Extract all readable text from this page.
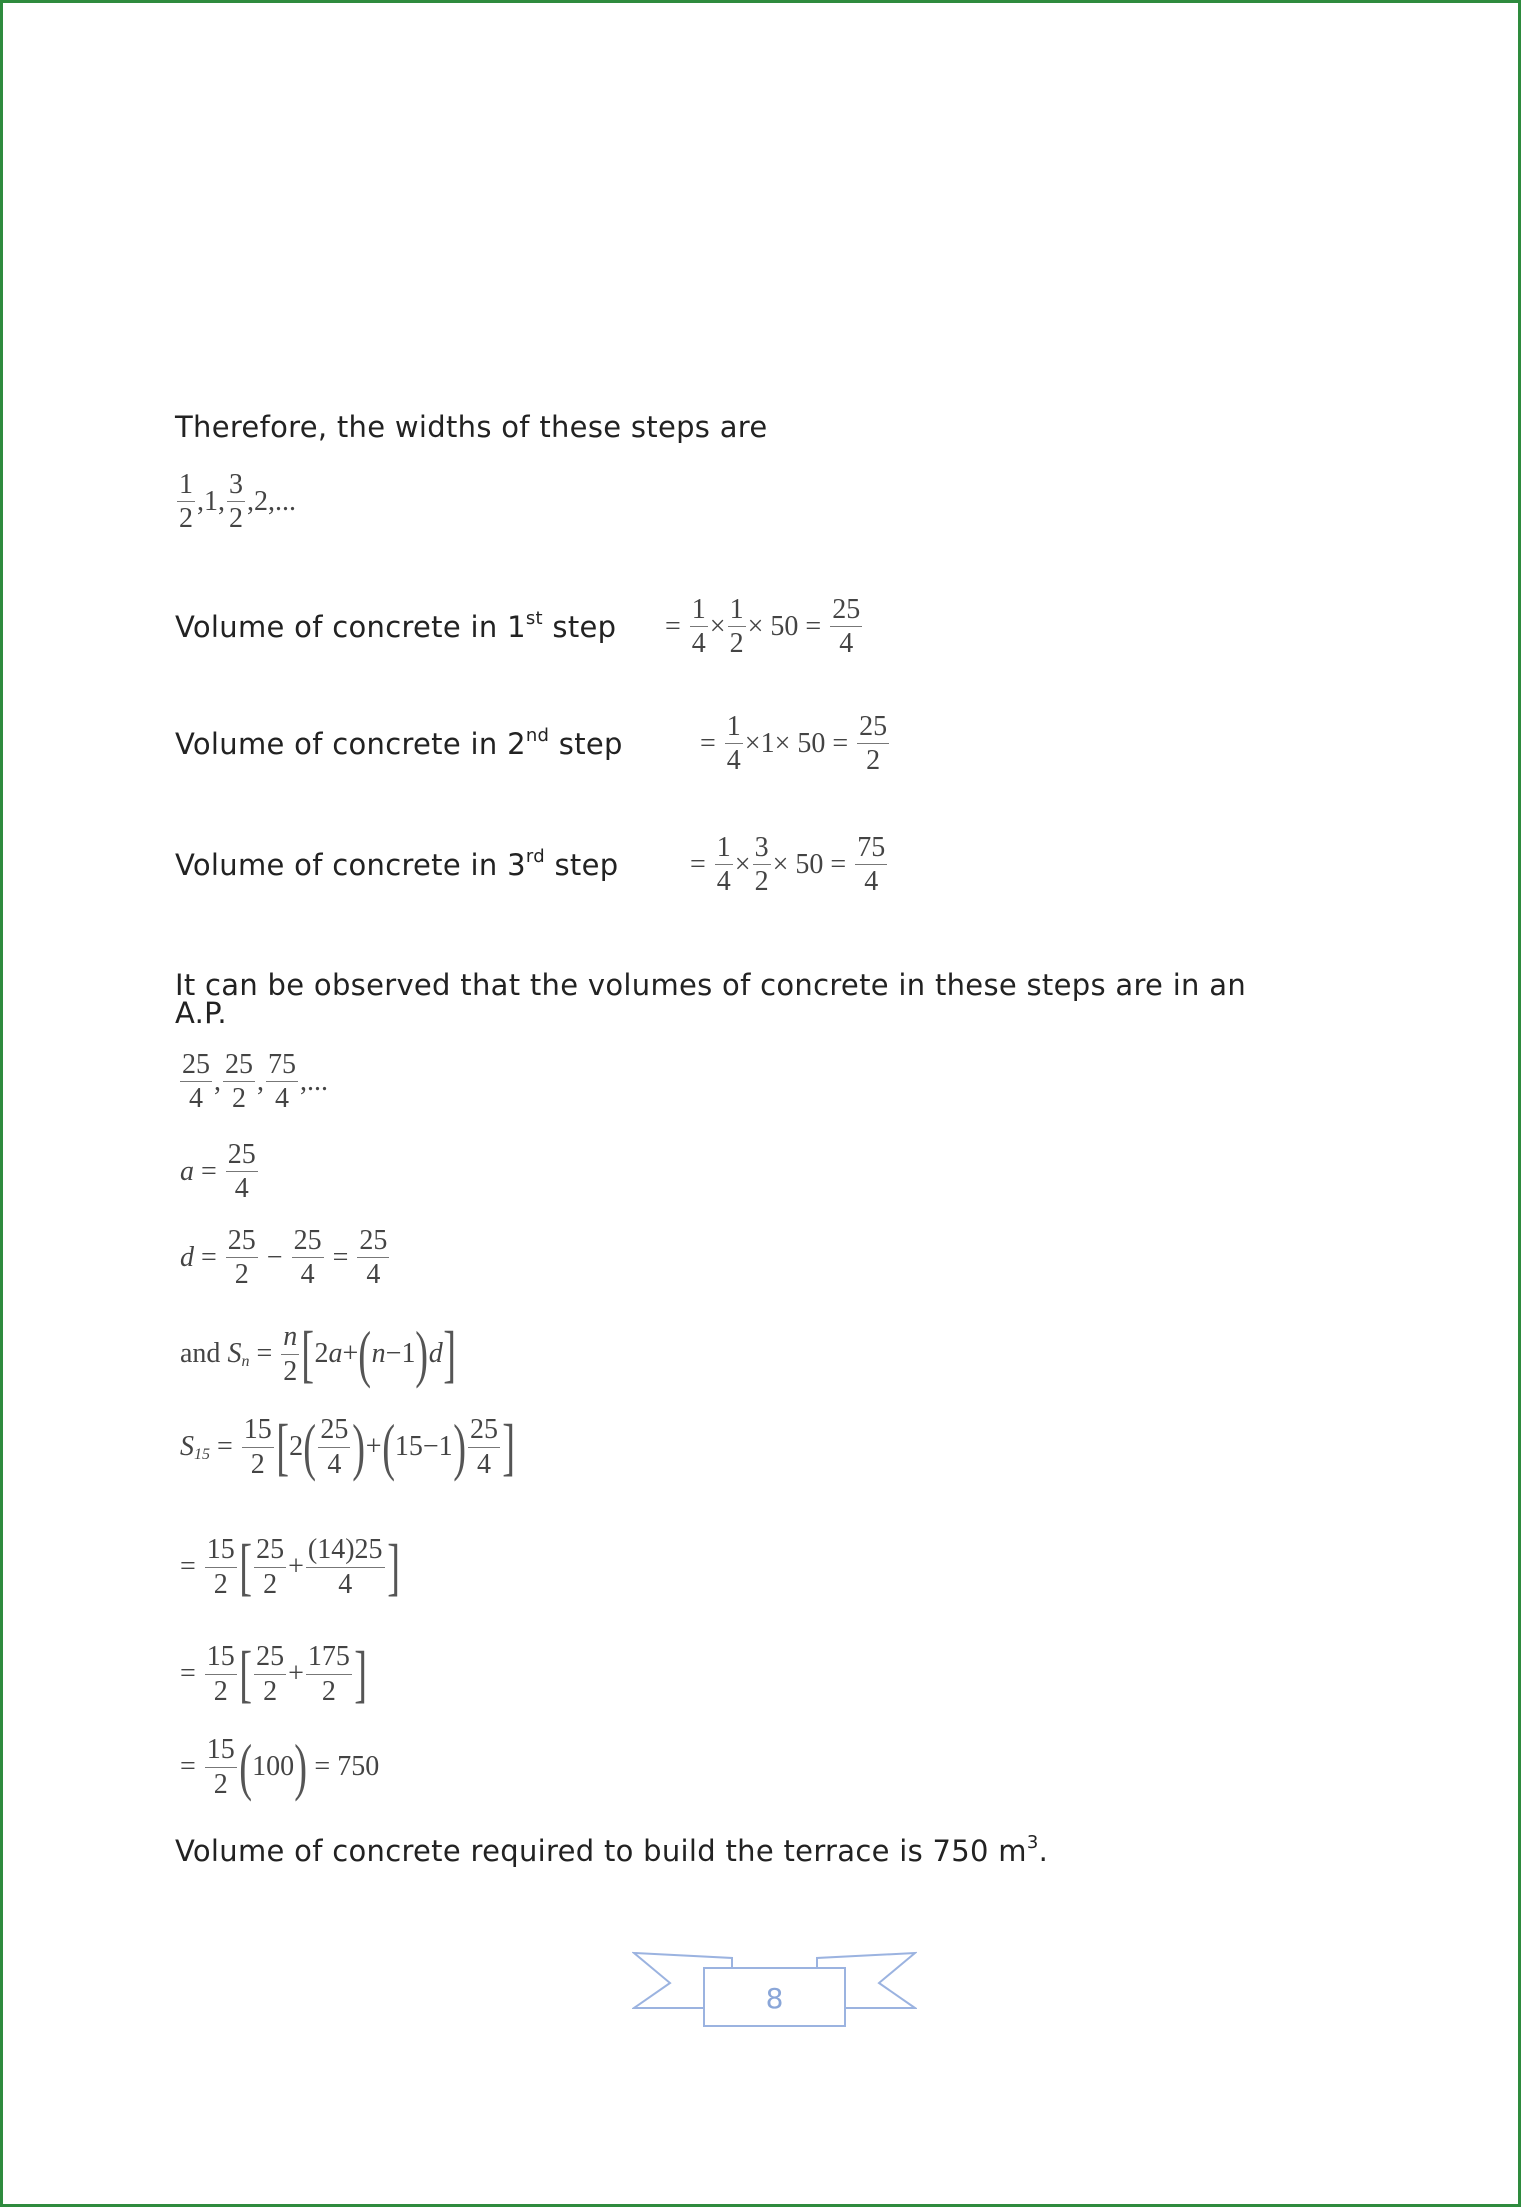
Therefore, the widths of these steps are
$\frac{1}{2} ,1$, $\frac{3}{2} ,2$,...
Volume of concrete in 1st step = $\frac{1}{4} \times \frac{1}{2} \times 50 = \frac{25}{4}$
Volume of concrete in 2nd step	= $\frac{1}{4} \times 1\times 50 = \frac{25}{2}$
Volume of concrete in 3rd step	= $\frac{1}{4} \times \frac{3}{2} \times 50 = \frac{75}{4}$
It can be observed that the volumes of concrete in these steps are in an
A.P.
$\frac{25}{4}$ , $\frac{25}{2}$ , $\frac{75}{4}$ ,...
$a = \frac{25}{4}$
$d = \frac{25}{2} - \frac{25}{4} = \frac{25}{4}$
and S $n = \frac{n}{2}$ [ 2 a + ( n −1 ) d ]
S $15 = \frac{15}{2}$ [ 2 ( $\frac{25}{4}$ ) + ( 15−1 ) $\frac{25}{4}$ ]
= $\frac{15}{2}$ [ $\frac{25}{2} + \frac{(14)25}{4}$ ]
= $\frac{15}{2}$ [ $\frac{25}{2} + \frac{175}{2}$ ]
= $\frac{15}{2}$ ( 100 ) = 750
Volume of concrete required to build the terrace is 750 $m^3$.
8
